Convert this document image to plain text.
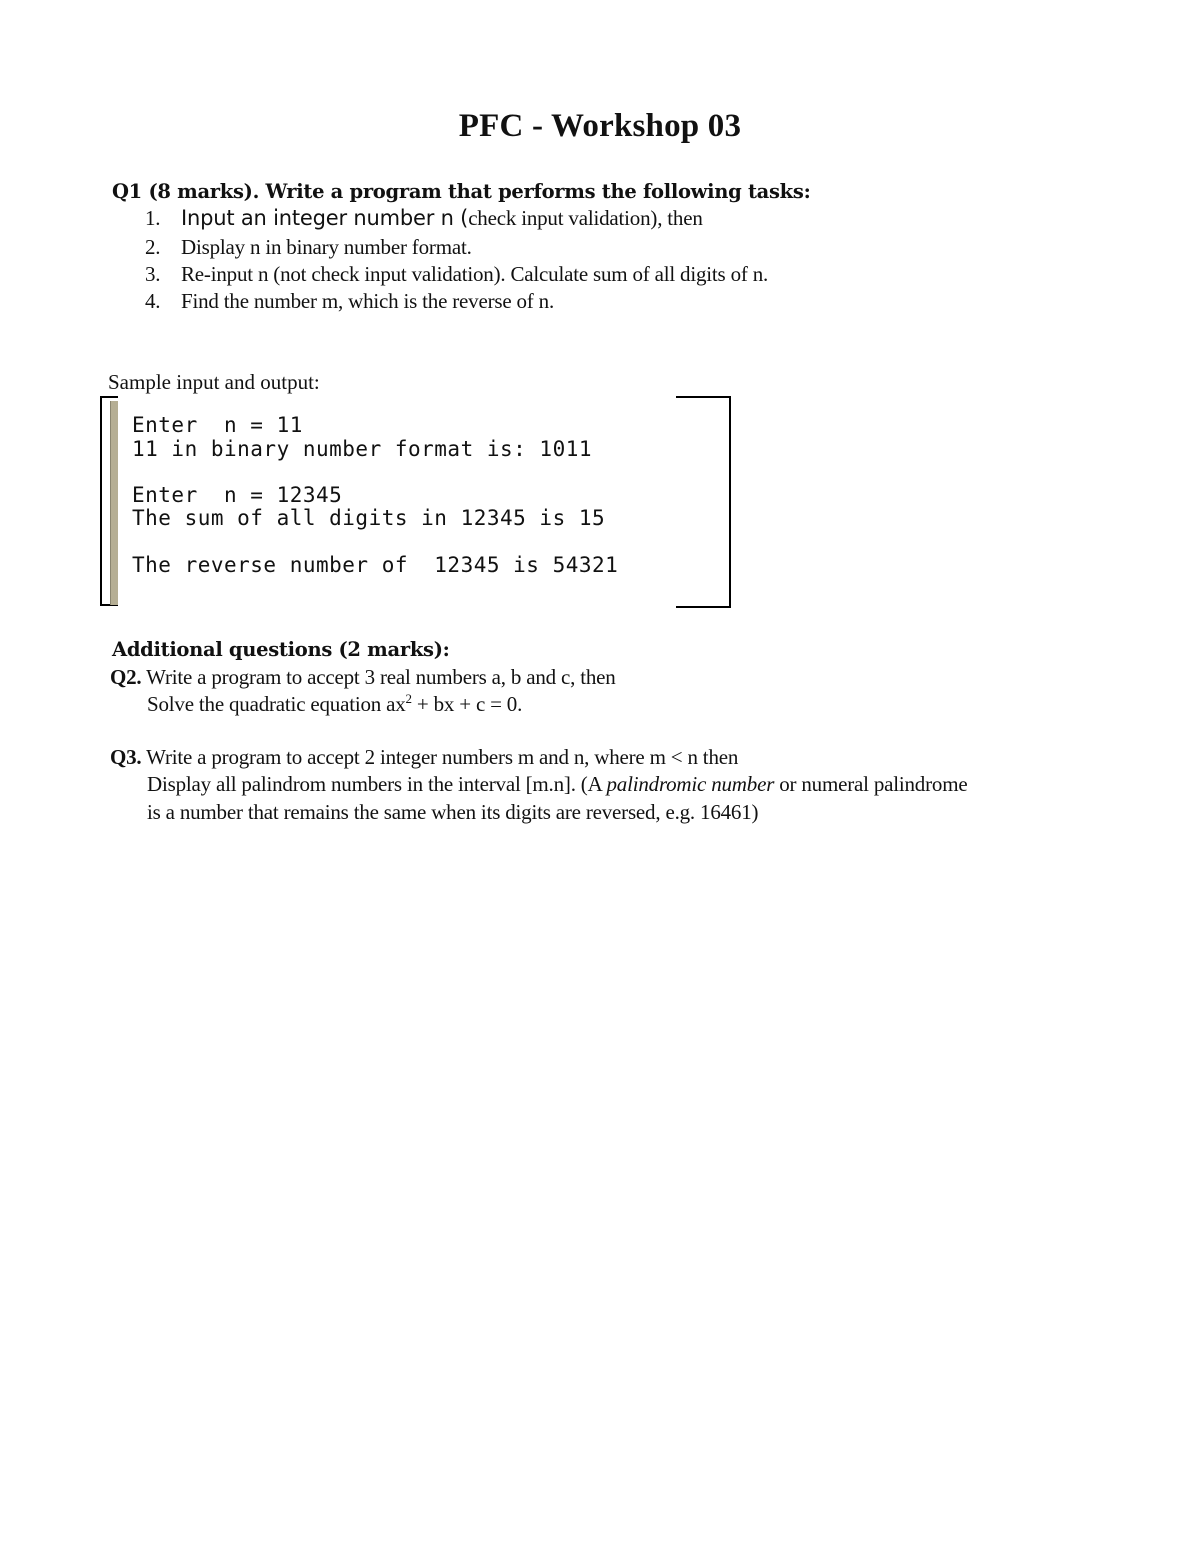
PFC - Workshop 03
Q1 (8 marks). Write a program that performs the following tasks:
1. Input an integer number n (check input validation), then
2. Display n in binary number format.
3. Re-input n (not check input validation). Calculate sum of all digits of n.
4. Find the number m, which is the reverse of n.
Sample input and output:
Enter  n = 11
11 in binary number format is: 1011
Enter  n = 12345
The sum of all digits in 12345 is 15
The reverse number of  12345 is 54321
Additional questions (2 marks):
Q2. Write a program to accept 3 real numbers a, b and c, then
Solve the quadratic equation $ax^2$ + bx + c = 0.
Q3. Write a program to accept 2 integer numbers m and n, where m < n then
Display all palindrom numbers in the interval [m.n]. (A palindromic number or numeral palindrome
is a number that remains the same when its digits are reversed, e.g. 16461)
